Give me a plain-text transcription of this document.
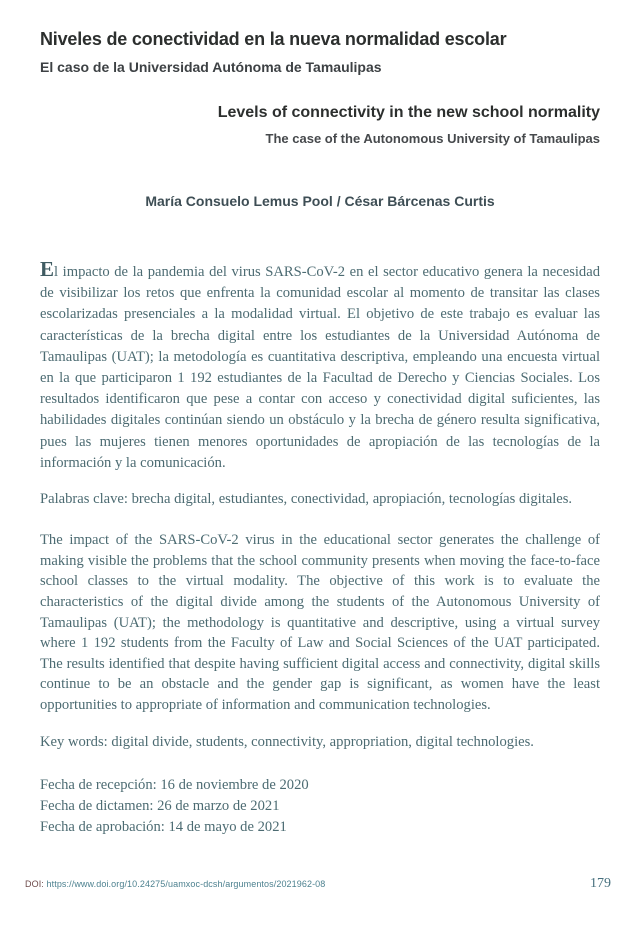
Niveles de conectividad en la nueva normalidad escolar
El caso de la Universidad Autónoma de Tamaulipas
Levels of connectivity in the new school normality
The case of the Autonomous University of Tamaulipas
María Consuelo Lemus Pool / César Bárcenas Curtis

El impacto de la pandemia del virus SARS-CoV-2 en el sector educativo genera la necesidad de visibilizar los retos que enfrenta la comunidad escolar al momento de transitar las clases escolarizadas presenciales a la modalidad virtual. El objetivo de este trabajo es evaluar las características de la brecha digital entre los estudiantes de la Universidad Autónoma de Tamaulipas (UAT); la metodología es cuantitativa descriptiva, empleando una encuesta virtual en la que participaron 1 192 estudiantes de la Facultad de Derecho y Ciencias Sociales. Los resultados identificaron que pese a contar con acceso y conectividad digital suficientes, las habilidades digitales continúan siendo un obstáculo y la brecha de género resulta significativa, pues las mujeres tienen menores oportunidades de apropiación de las tecnologías de la información y la comunicación.

Palabras clave: brecha digital, estudiantes, conectividad, apropiación, tecnologías digitales.

The impact of the SARS-CoV-2 virus in the educational sector generates the challenge of making visible the problems that the school community presents when moving the face-to-face school classes to the virtual modality. The objective of this work is to evaluate the characteristics of the digital divide among the students of the Autonomous University of Tamaulipas (UAT); the methodology is quantitative and descriptive, using a virtual survey where 1 192 students from the Faculty of Law and Social Sciences of the UAT participated. The results identified that despite having sufficient digital access and connectivity, digital skills continue to be an obstacle and the gender gap is significant, as women have the least opportunities to appropriate of information and communication technologies.

Key words: digital divide, students, connectivity, appropriation, digital technologies.

Fecha de recepción: 16 de noviembre de 2020
Fecha de dictamen: 26 de marzo de 2021
Fecha de aprobación: 14 de mayo de 2021
DOI: https://www.doi.org/10.24275/uamxoc-dcsh/argumentos/2021962-08	179
